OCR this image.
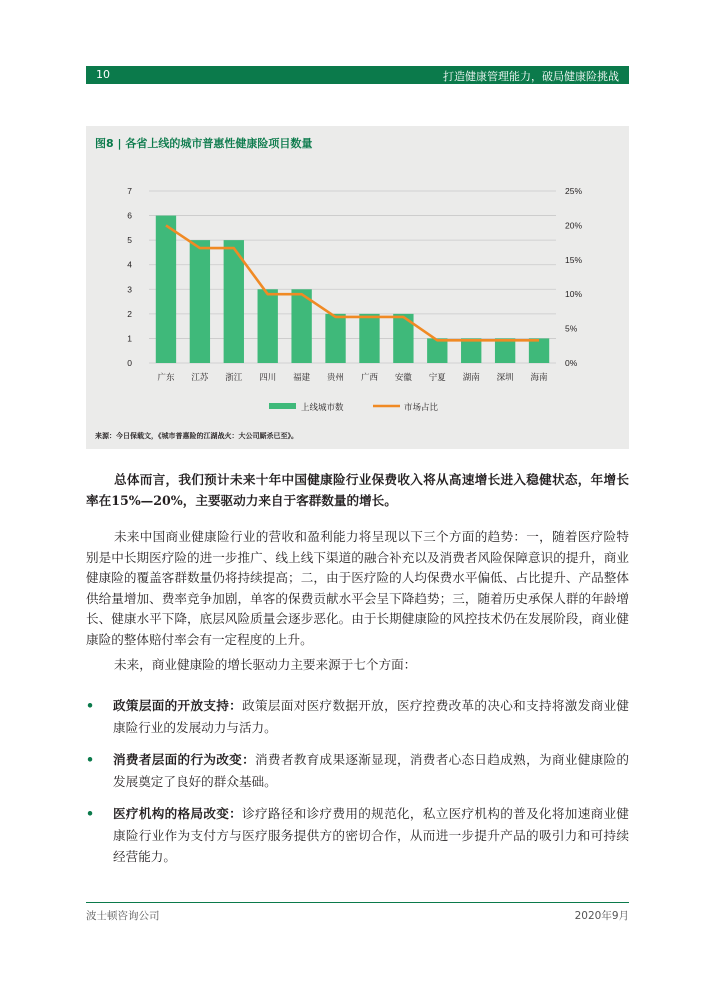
10	打造健康管理能力，破局健康险挑战
图8 | 各省上线的城市普惠性健康险项目数量
0
1
2
3
4
5
6
7
0%
5%
10%
15%
20%
25%
广东 江苏 浙江 四川 福建 贵州 广西 安徽 宁夏 湖南 深圳 海南
上线城市数	市场占比
来源：今日保载文，《城市普惠险的江湖战火：大公司厮杀已至》。
总体而言，我们预计未来十年中国健康险行业保费收入将从高速增长进入稳健状态，年增长率在15%—20%，主要驱动力来自于客群数量的增长。
未来中国商业健康险行业的营收和盈利能力将呈现以下三个方面的趋势：一，随着医疗险特别是中长期医疗险的进一步推广、线上线下渠道的融合补充以及消费者风险保障意识的提升，商业健康险的覆盖客群数量仍将持续提高；二，由于医疗险的人均保费水平偏低、占比提升、产品整体供给量增加、费率竞争加剧，单客的保费贡献水平会呈下降趋势；三，随着历史承保人群的年龄增长、健康水平下降，底层风险质量会逐步恶化。由于长期健康险的风控技术仍在发展阶段，商业健康险的整体赔付率会有一定程度的上升。
未来，商业健康险的增长驱动力主要来源于七个方面：
• 政策层面的开放支持：政策层面对医疗数据开放，医疗控费改革的决心和支持将激发商业健康险行业的发展动力与活力。
• 消费者层面的行为改变：消费者教育成果逐渐显现，消费者心态日趋成熟，为商业健康险的发展奠定了良好的群众基础。
• 医疗机构的格局改变：诊疗路径和诊疗费用的规范化，私立医疗机构的普及化将加速商业健康险行业作为支付方与医疗服务提供方的密切合作，从而进一步提升产品的吸引力和可持续经营能力。
波士顿咨询公司	2020年9月
